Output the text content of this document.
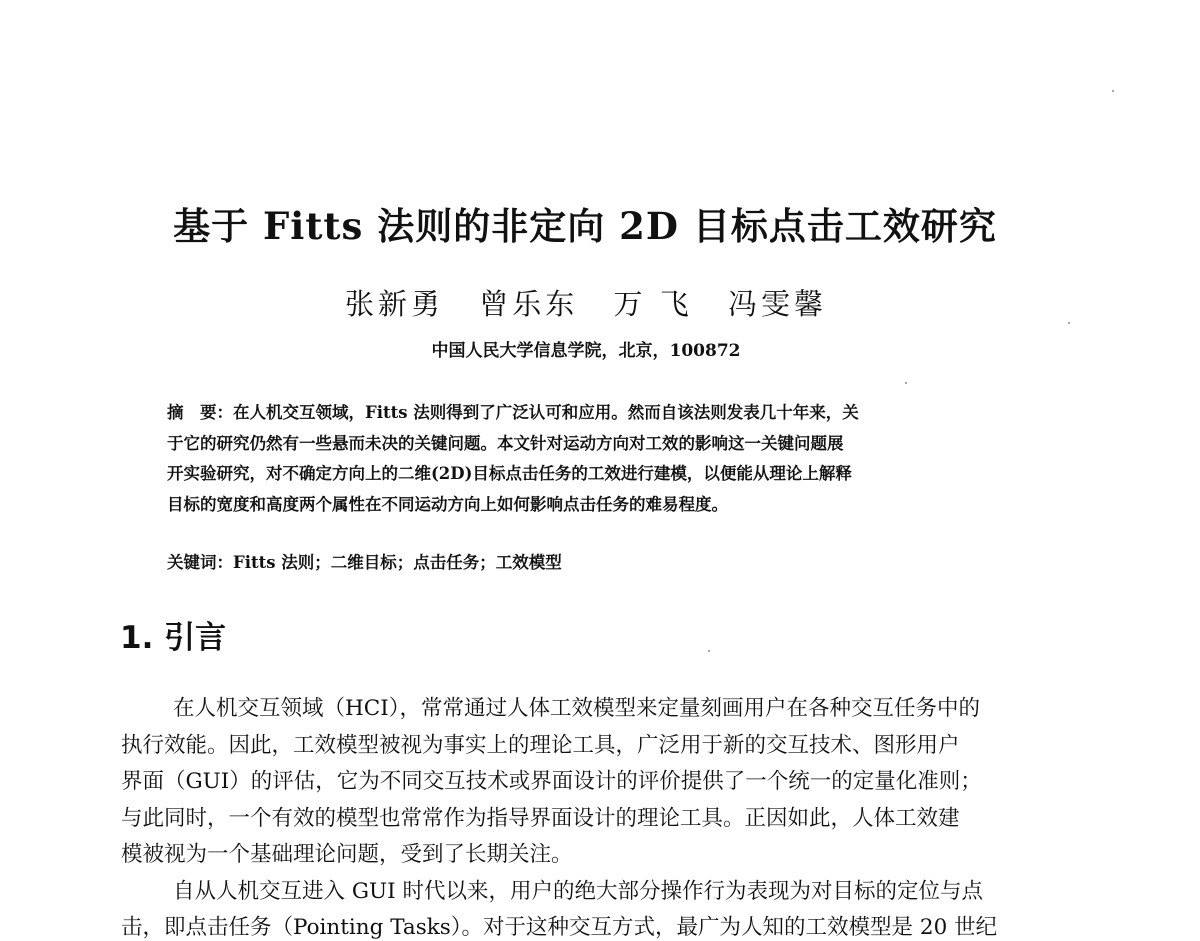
基于 Fitts 法则的非定向 2D 目标点击工效研究
张新勇 曾乐东 万 飞 冯雯馨
中国人民大学信息学院，北京，100872
摘　要：在人机交互领域，Fitts 法则得到了广泛认可和应用。然而自该法则发表几十年来，关
于它的研究仍然有一些悬而未决的关键问题。本文针对运动方向对工效的影响这一关键问题展
开实验研究，对不确定方向上的二维(2D)目标点击任务的工效进行建模，以便能从理论上解释
目标的宽度和高度两个属性在不同运动方向上如何影响点击任务的难易程度。
关键词：Fitts 法则；二维目标；点击任务；工效模型
1. 引言
在人机交互领域（HCI），常常通过人体工效模型来定量刻画用户在各种交互任务中的
执行效能。因此，工效模型被视为事实上的理论工具，广泛用于新的交互技术、图形用户
界面（GUI）的评估，它为不同交互技术或界面设计的评价提供了一个统一的定量化准则；
与此同时，一个有效的模型也常常作为指导界面设计的理论工具。正因如此，人体工效建
模被视为一个基础理论问题，受到了长期关注。
自从人机交互进入 GUI 时代以来，用户的绝大部分操作行为表现为对目标的定位与点
击，即点击任务（Pointing Tasks）。对于这种交互方式，最广为人知的工效模型是 20 世纪
